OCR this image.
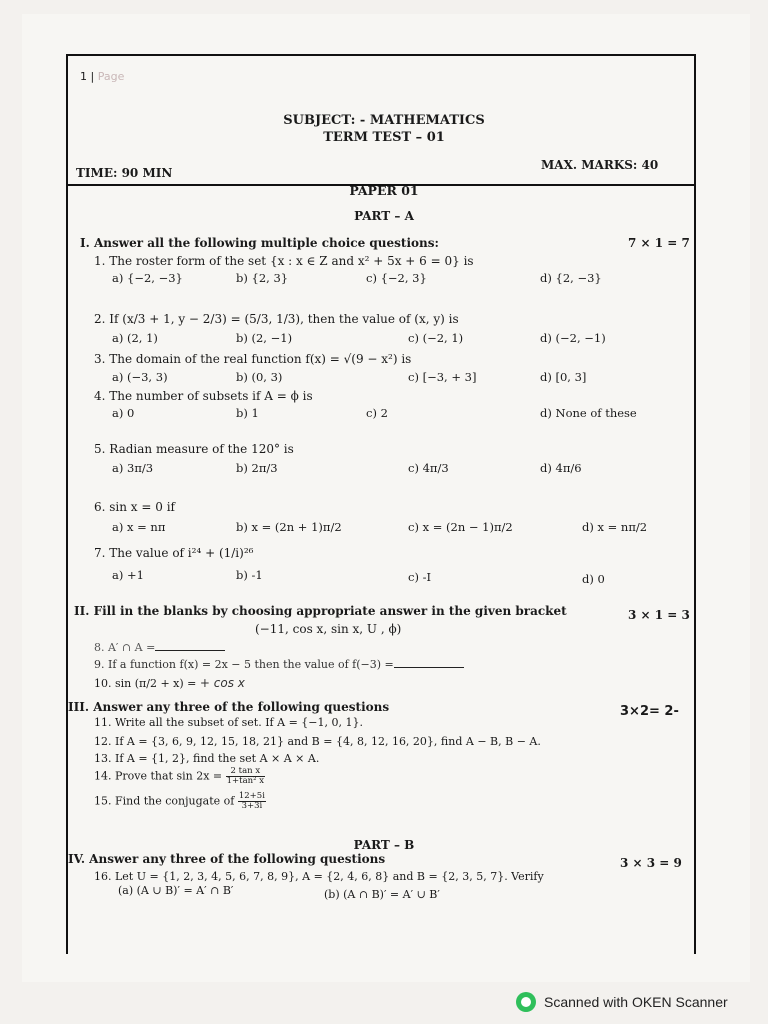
1 | Page
SUBJECT: - MATHEMATICS
TERM TEST – 01
TIME: 90 MIN
MAX. MARKS: 40
PAPER 01
PART – A
I. Answer all the following multiple choice questions:	7 × 1 = 7
1. The roster form of the set {x : x ∈ Z and x² + 5x + 6 = 0} is
a) {−2, −3}	b) {2, 3}	c) {−2, 3}	d) {2, −3}
2. If (x/3 + 1, y − 2/3) = (5/3, 1/3), then the value of (x, y) is
a) (2, 1)	b) (2, −1)	c) (−2, 1)	d) (−2, −1)
3. The domain of the real function f(x) = √(9 − x²) is
a) (−3, 3)	b) (0, 3)	c) [−3, + 3]	d) [0, 3]
4. The number of subsets if A = ϕ is
a) 0	b) 1	c) 2	d) None of these
5. Radian measure of the 120° is
a) 3π/3	b) 2π/3	c) 4π/3	d) 4π/6
6. sin x = 0 if
a) x = nπ	b) x = (2n + 1)π/2	c) x = (2n − 1)π/2	d) x = nπ/2
7. The value of i²⁴ + (1/i)²⁶
a) +1	b) -1	c) -I	d) 0
II. Fill in the blanks by choosing appropriate answer in the given bracket	3 × 1 = 3
(−11, cos x, sin x, U , ϕ)
8. A′ ∩ A =
9. If a function f(x) = 2x − 5 then the value of f(−3) =
10. sin (π/2 + x) = + cos x
III. Answer any three of the following questions	3×2= 2-
11. Write all the subset of set. If A = {−1, 0, 1}.
12. If A = {3, 6, 9, 12, 15, 18, 21} and B = {4, 8, 12, 16, 20}, find A − B, B − A.
13. If A = {1, 2}, find the set A × A × A.
14. Prove that $\sin 2x = \frac{\text{2 tan x}}{\text{1+tan² x}}$
15. Find the conjugate of $\frac{12+5i}{3+3i}$
PART – B
IV. Answer any three of the following questions	3 × 3 = 9
16. Let U = {1, 2, 3, 4, 5, 6, 7, 8, 9}, A = {2, 4, 6, 8} and B = {2, 3, 5, 7}. Verify
(a) (A ∪ B)′ = A′ ∩ B′	(b) (A ∩ B)′ = A′ ∪ B′
Scanned with OKEN Scanner
